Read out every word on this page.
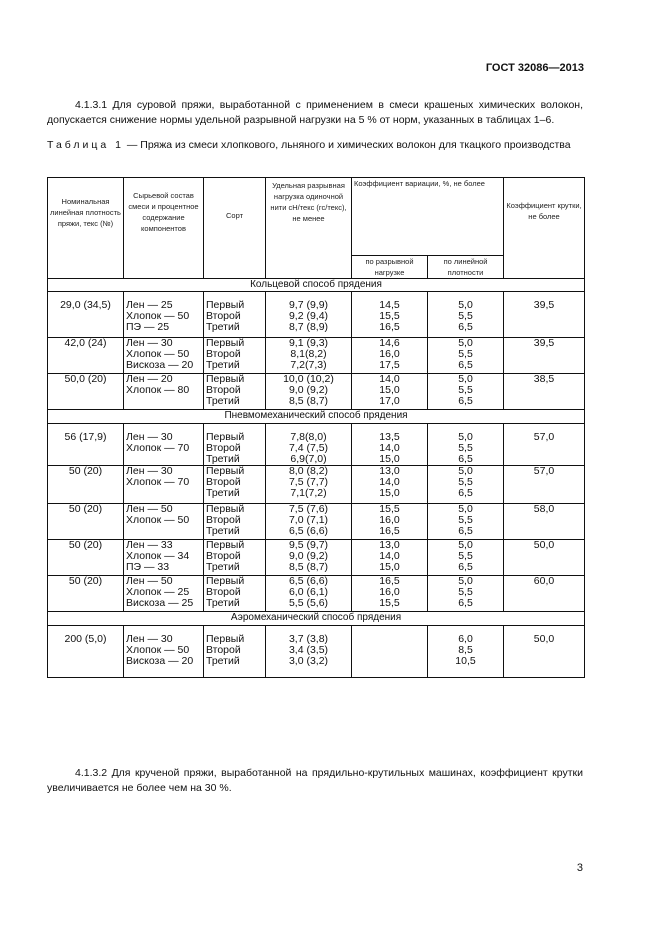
ГОСТ 32086—2013
4.1.3.1 Для суровой пряжи, выработанной с применением в смеси крашеных химических волокон, допускается снижение нормы удельной разрывной нагрузки на 5 % от норм, указанных в таблицах 1–6.
Таблица 1 — Пряжа из смеси хлопкового, льняного и химических волокон для ткацкого производства
Номинальная линейная плотность пряжи, текс (№)	Сырьевой состав смеси и процентное содержание компонентов	Сорт	Удельная разрывная нагрузка одиночной нити сН/текс (гс/текс), не менее	Коэффициент вариации, %, не более		Коэффициент крутки, не более
				по разрывной нагрузке	по линейной плотности	
Кольцевой способ прядения						

29,0 (34,5)	Лен — 25
Хлопок — 50
ПЭ — 25	Первый
Второй
Третий	9,7 (9,9)
9,2 (9,4)
8,7 (8,9)	14,5
15,5
16,5	5,0
5,5
6,5	39,5

42,0 (24)	Лен — 30
Хлопок — 50
Вискоза — 20	Первый
Второй
Третий	9,1 (9,3)
8,1(8,2)
7,2(7,3)	14,6
16,0
17,5	5,0
5,5
6,5	39,5

50,0 (20)	Лен — 20
Хлопок — 80	Первый
Второй
Третий	10,0 (10,2)
9,0 (9,2)
8,5 (8,7)	14,0
15,0
17,0	5,0
5,5
6,5	38,5

Пневмомеханический способ прядения						

56 (17,9)	Лен — 30
Хлопок — 70	Первый
Второй
Третий	7,8(8,0)
7,4 (7,5)
6,9(7,0)	13,5
14,0
15,0	5,0
5,5
6,5	57,0

50 (20)	Лен — 30
Хлопок — 70	Первый
Второй
Третий	8,0 (8,2)
7,5 (7,7)
7,1(7,2)	13,0
14,0
15,0	5,0
5,5
6,5	57,0

50 (20)	Лен — 50
Хлопок — 50	Первый
Второй
Третий	7,5 (7,6)
7,0 (7,1)
6,5 (6,6)	15,5
16,0
16,5	5,0
5,5
6,5	58,0

50 (20)	Лен — 33
Хлопок — 34
ПЭ — 33	Первый
Второй
Третий	9,5 (9,7)
9,0 (9,2)
8,5 (8,7)	13,0
14,0
15,0	5,0
5,5
6,5	50,0

50 (20)	Лен — 50
Хлопок — 25
Вискоза — 25	Первый
Второй
Третий	6,5 (6,6)
6,0 (6,1)
5,5 (5,6)	16,5
16,0
15,5	5,0
5,5
6,5	60,0

Аэромеханический способ прядения						

200 (5,0)	Лен — 30
Хлопок — 50
Вискоза — 20	Первый
Второй
Третий	3,7 (3,8)
3,4 (3,5)
3,0 (3,2)		6,0
8,5
10,5	50,0
4.1.3.2 Для крученой пряжи, выработанной на прядильно-крутильных машинах, коэффициент крутки увеличивается не более чем на 30 %.
3
